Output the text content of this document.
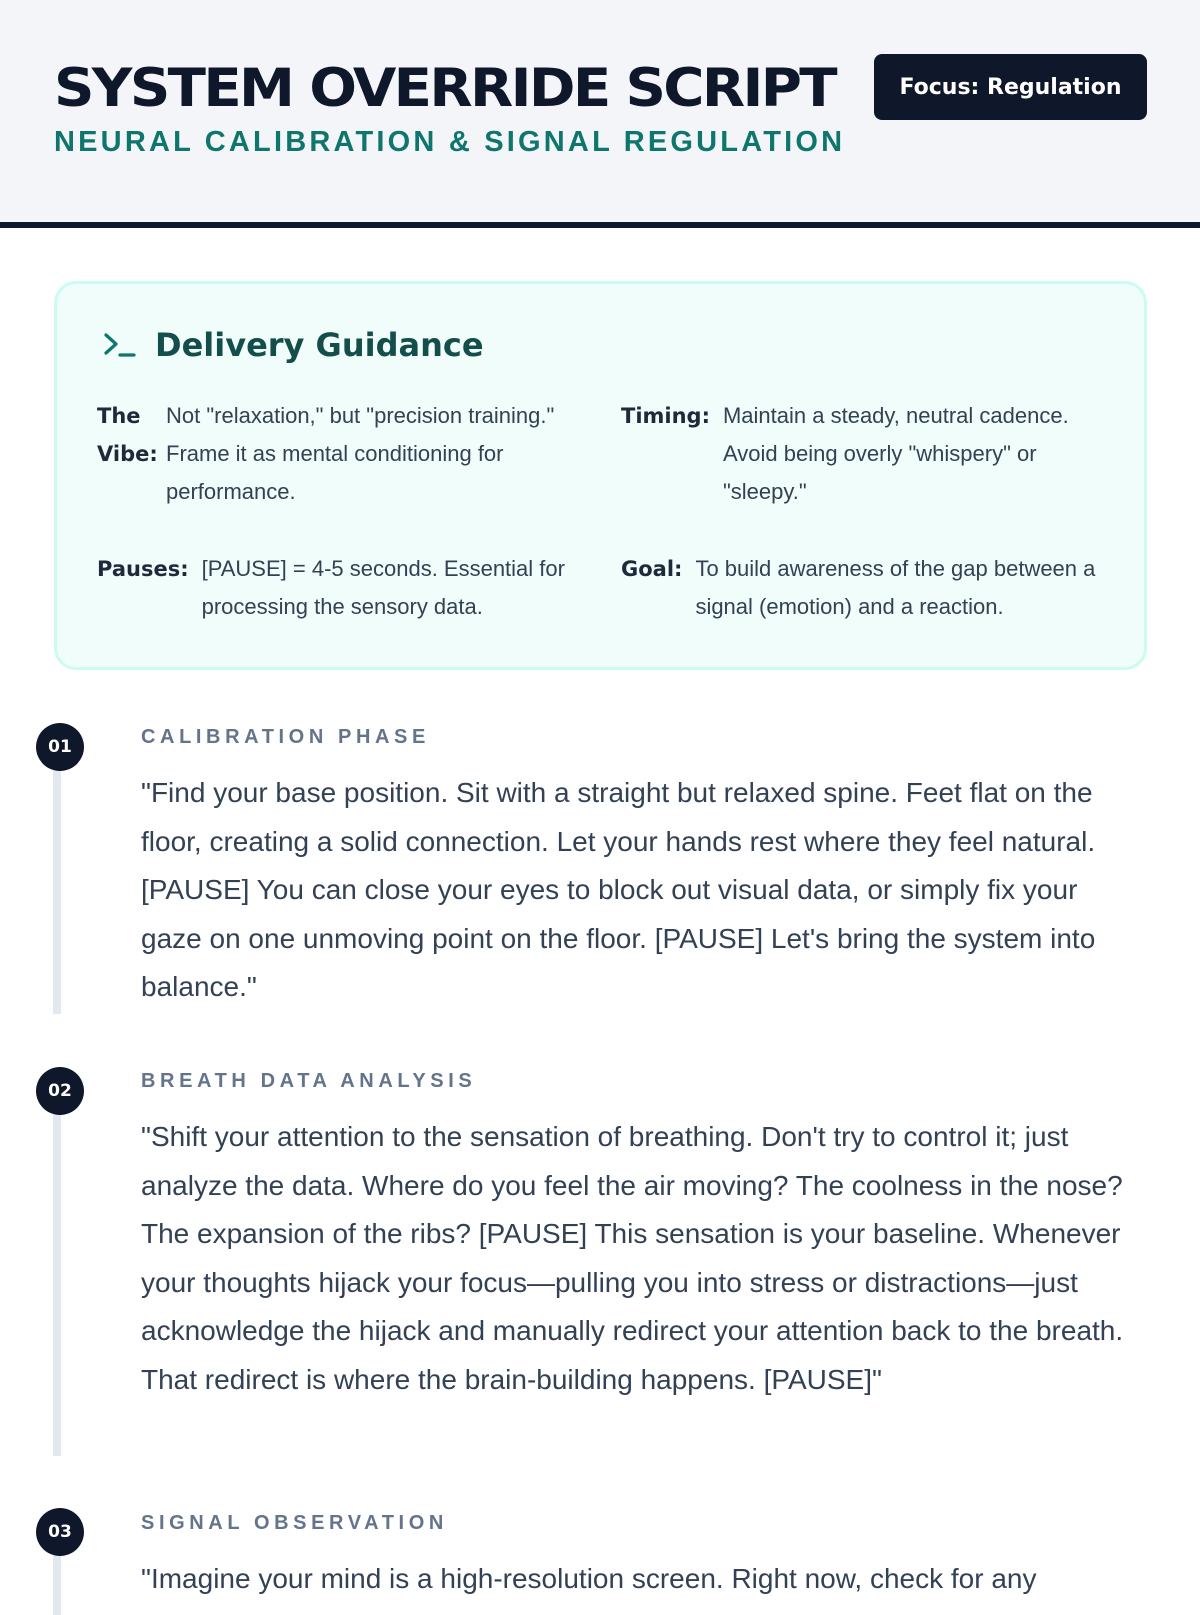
SYSTEM OVERRIDE SCRIPT
NEURAL CALIBRATION & SIGNAL REGULATION
Focus: Regulation
Delivery Guidance
The Vibe:
Not "relaxation," but "precision training." Frame it as mental conditioning for performance.
Timing: Maintain a steady, neutral cadence. Avoid being overly "whispery" or "sleepy."
Pauses: [PAUSE] = 4-5 seconds. Essential for processing the sensory data.
Goal: To build awareness of the gap between a signal (emotion) and a reaction.
01	CALIBRATION PHASE
"Find your base position. Sit with a straight but relaxed spine. Feet flat on the floor, creating a solid connection. Let your hands rest where they feel natural. [PAUSE] You can close your eyes to block out visual data, or simply fix your gaze on one unmoving point on the floor. [PAUSE] Let's bring the system into balance."
02	BREATH DATA ANALYSIS
"Shift your attention to the sensation of breathing. Don't try to control it; just analyze the data. Where do you feel the air moving? The coolness in the nose? The expansion of the ribs? [PAUSE] This sensation is your baseline. Whenever your thoughts hijack your focus—pulling you into stress or distractions—just acknowledge the hijack and manually redirect your attention back to the breath. That redirect is where the brain-building happens. [PAUSE]"
03	SIGNAL OBSERVATION
"Imagine your mind is a high-resolution screen. Right now, check for any
